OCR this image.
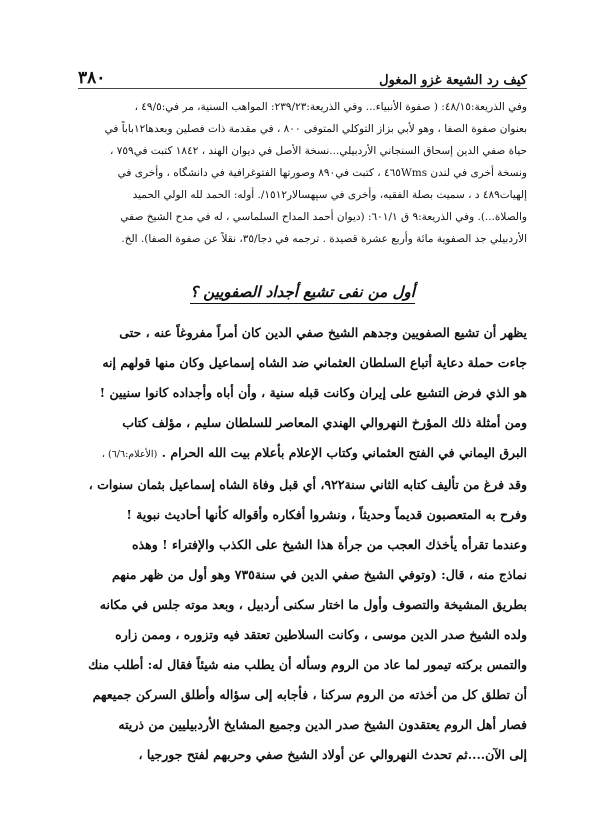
٣٨٠	كيف رد الشيعة غزو المغول
وفي الذريعة:٤٨/١٥: ( صفوة الأنبياء... وفي الذريعة:٢٣٩/٢٣: المواهب السنية، مر في:٤٩/٥ ،
بعنوان صفوة الصفا ، وهو لأبي بزاز التوكلي المتوفى ٨٠٠ ، في مقدمة ذات فصلين وبعدها١٢باباً في
حياة صفي الدين إسحاق السنجاني الأردبيلي...نسخة الأصل في ديوان الهند ، ١٨٤٢ كتبت في٧٥٩ ،
ونسخة أخرى في لندن ٤٦٥Wms ، كتبت في٨٩٠ وصورتها الفتوغرافية في دانشگاه ، وأخرى في
إلهيات٤٨٩ د ، سميت بصلة الفقيه، وأخرى في سپهسالار١٥١٢/. أوله: الحمد لله الولي الحميد
والصلاة...). وفي الذريعة:٩ ق ٦٠١/١: (ديوان أحمد المداح السلماسي ، له في مدح الشيخ صفي
الأردبيلي جد الصفوية مائة وأربع عشرة قصيدة . ترجمه في دجا/٣٥، نقلاً عن صفوة الصفا). الخ.
أول من نفى تشيع أجداد الصفويين ؟
يظهر أن تشيع الصفويين وجدهم الشيخ صفي الدين كان أمراً مفروغاً عنه ، حتى
جاءت حملة دعاية أتباع السلطان العثماني ضد الشاه إسماعيل وكان منها قولهم إنه
هو الذي فرض التشيع على إيران وكانت قبله سنية ، وأن أباه وأجداده كانوا سنيين !
ومن أمثلة ذلك المؤرخ النهروالي الهندي المعاصر للسلطان سليم ، مؤلف كتاب
البرق اليماني في الفتح العثماني وكتاب الإعلام بأعلام بيت الله الحرام . (الأعلام:٦/٦) ،
وقد فرغ من تأليف كتابه الثاني سنة٩٢٢، أي قبل وفاة الشاه إسماعيل بثمان سنوات ،
وفرح به المتعصبون قديماً وحديثاً ، ونشروا أفكاره وأقواله كأنها أحاديث نبوية !
وعندما تقرأه يأخذك العجب من جرأة هذا الشيخ على الكذب والإفتراء ! وهذه
نماذج منه ، قال: (وتوفي الشيخ صفي الدين في سنة٧٣٥ وهو أول من ظهر منهم
بطريق المشيخة والتصوف وأول ما اختار سكنى أردبيل ، وبعد موته جلس في مكانه
ولده الشيخ صدر الدين موسى ، وكانت السلاطين تعتقد فيه وتزوره ، وممن زاره
والتمس بركته تيمور لما عاد من الروم وسأله أن يطلب منه شيئاً فقال له: أطلب منك
أن تطلق كل من أخذته من الروم سركنا ، فأجابه إلى سؤاله وأطلق السركن جميعهم
فصار أهل الروم يعتقدون الشيخ صدر الدين وجميع المشايخ الأردبيليين من ذريته
إلى الآن....ثم تحدث النهروالي عن أولاد الشيخ صفي وحربهم لفتح جورجيا ،
